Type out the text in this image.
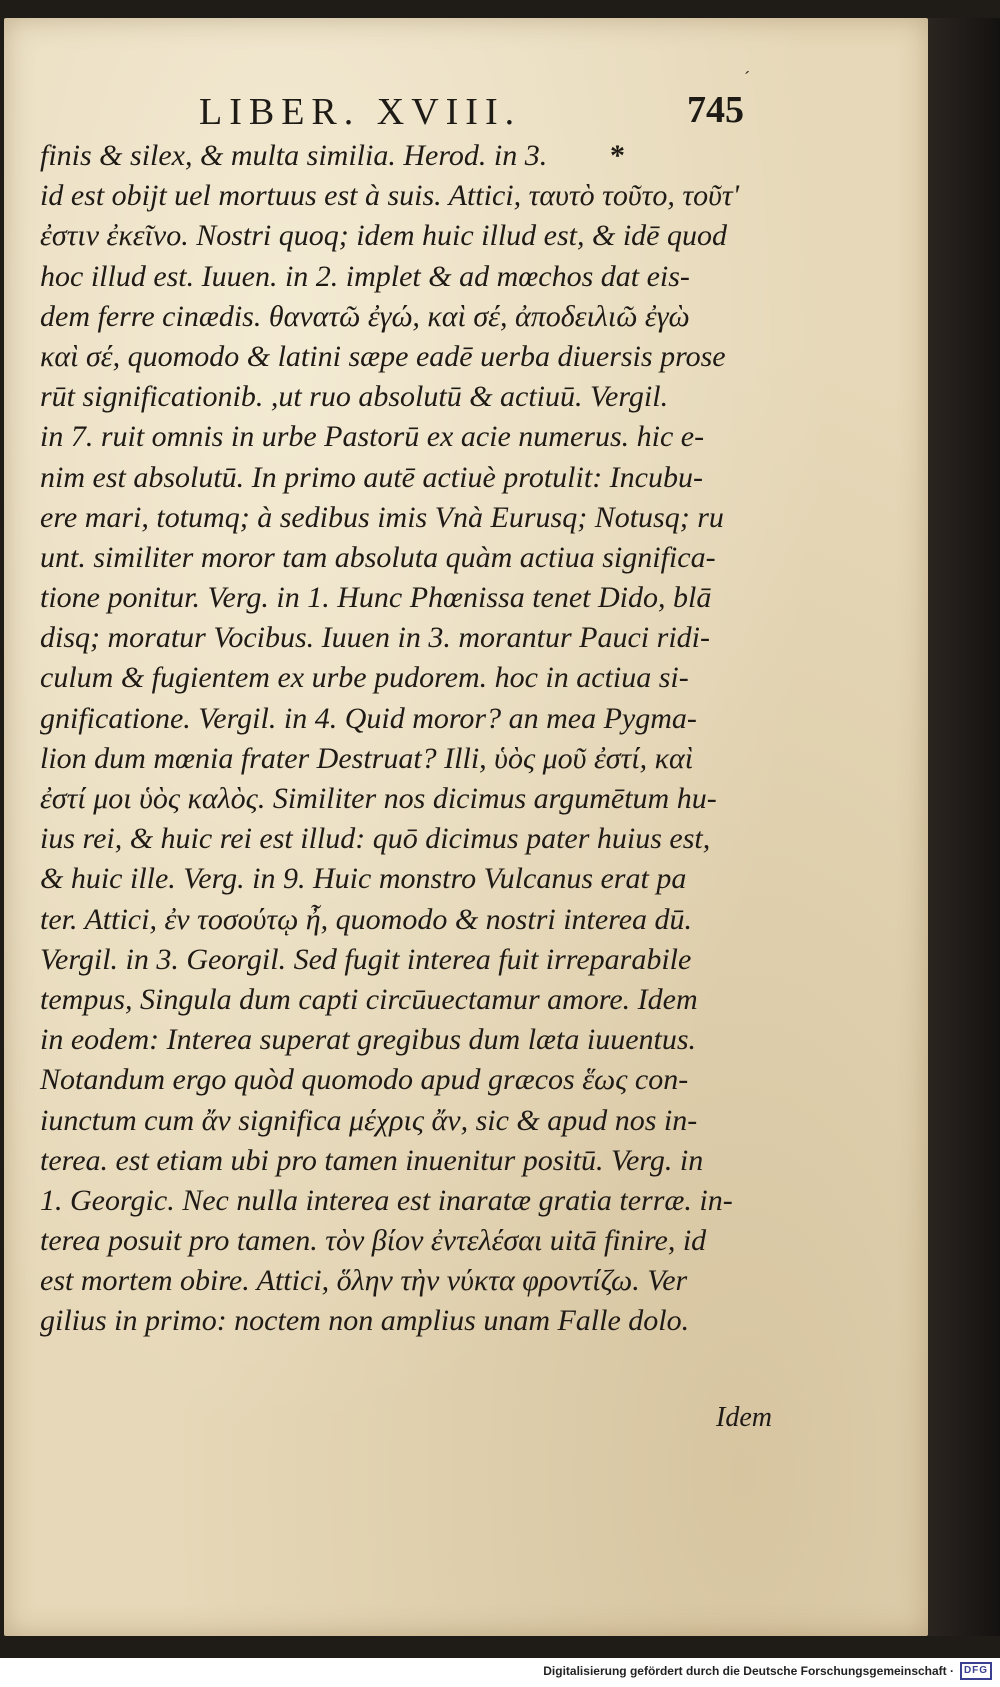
LIBER. XVIII.
´
745
finis & silex, & multa similia. Herod. in 3. *
id est obijt uel mortuus est à suis. Attici, ταυτὸ τοῦτο, τοῦτ'
ἐστιν ἐκεῖνο. Nostri quoq; idem huic illud est, & idē quod
hoc illud est. Iuuen. in 2. implet & ad mœchos dat eis-
dem ferre cinædis. θανατῶ ἐγώ, καὶ σέ, ἀποδειλιῶ ἐγὼ
καὶ σέ, quomodo & latini sæpe eadē uerba diuersis prose
rūt significationib. ,ut ruo absolutū & actiuū. Vergil.
in 7. ruit omnis in urbe Pastorū ex acie numerus. hic e-
nim est absolutū. In primo autē actiuè protulit: Incubu-
ere mari, totumq; à sedibus imis Vnà Eurusq; Notusq; ru
unt. similiter moror tam absoluta quàm actiua significa-
tione ponitur. Verg. in 1. Hunc Phœnissa tenet Dido, blā
disq; moratur Vocibus. Iuuen in 3. morantur Pauci ridi-
culum & fugientem ex urbe pudorem. hoc in actiua si-
gnificatione. Vergil. in 4. Quid moror? an mea Pygma-
lion dum mœnia frater Destruat? Illi, ὑὸς μοῦ ἐστί, καὶ
ἐστί μοι ὑὸς καλὸς. Similiter nos dicimus argumētum hu-
ius rei, & huic rei est illud: quō dicimus pater huius est,
& huic ille. Verg. in 9. Huic monstro Vulcanus erat pa
ter. Attici, ἐν τοσούτῳ ἦ, quomodo & nostri interea dū.
Vergil. in 3. Georgil. Sed fugit interea fuit irreparabile
tempus, Singula dum capti circūuectamur amore. Idem
in eodem: Interea superat gregibus dum læta iuuentus.
Notandum ergo quòd quomodo apud græcos ἕως con-
iunctum cum ἄν significa μέχρις ἄν, sic & apud nos in-
terea. est etiam ubi pro tamen inuenitur positū. Verg. in
1. Georgic. Nec nulla interea est inaratæ gratia terræ. in-
terea posuit pro tamen. τὸν βίον ἐντελέσαι uitā finire, id
est mortem obire. Attici, ὅλην τὴν νύκτα φροντίζω. Ver
gilius in primo: noctem non amplius unam Falle dolo.
Idem
Digitalisierung gefördert durch die Deutsche Forschungsgemeinschaft · DFG
